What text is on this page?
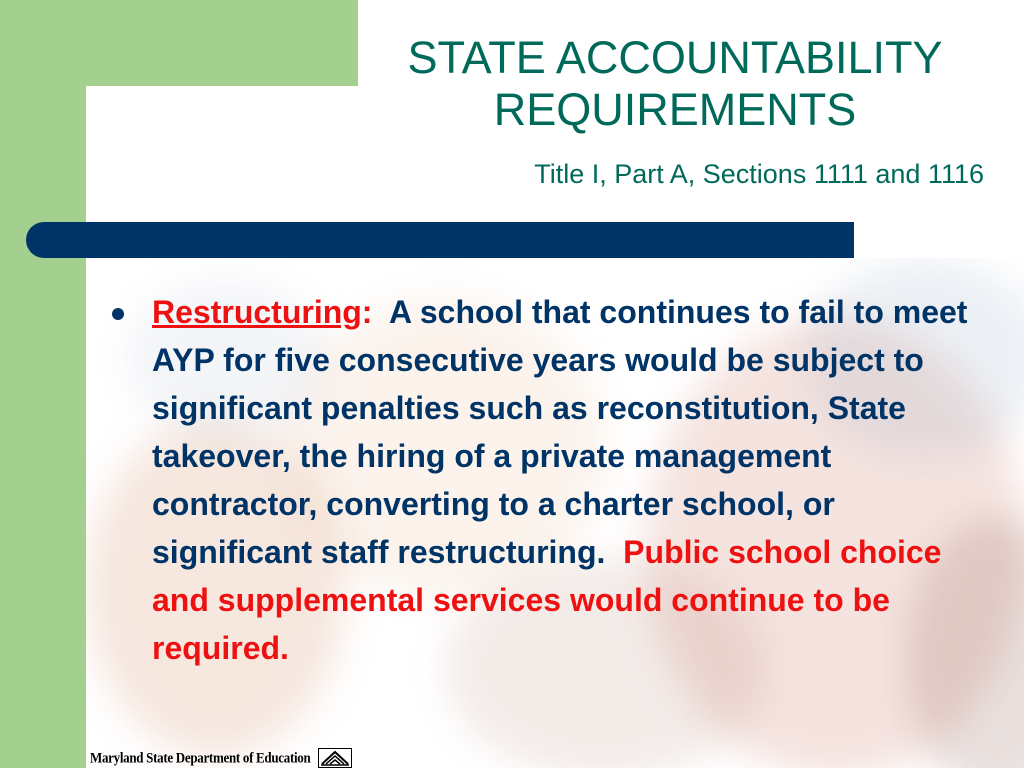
STATE ACCOUNTABILITY
REQUIREMENTS

Title I, Part A, Sections 1111 and 1116

Restructuring: A school that continues to fail to meet AYP for five consecutive years would be subject to significant penalties such as reconstitution, State takeover, the hiring of a private management contractor, converting to a charter school, or significant staff restructuring. Public school choice and supplemental services would continue to be required.

Maryland State Department of Education
